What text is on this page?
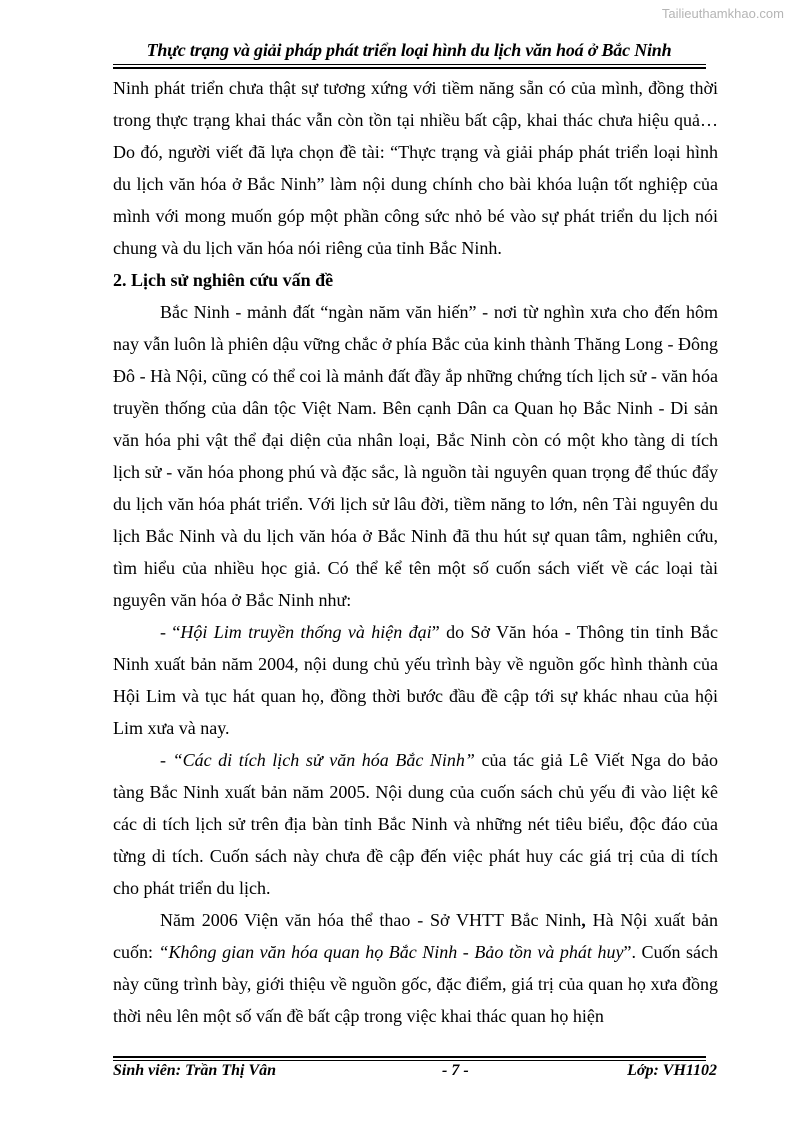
Tailieuthamkhao.com
Thực trạng và giải pháp phát triển loại hình du lịch văn hoá ở Bắc Ninh

Ninh phát triển chưa thật sự tương xứng với tiềm năng sẵn có của mình, đồng thời trong thực trạng khai thác vẫn còn tồn tại nhiều bất cập, khai thác chưa hiệu quả… Do đó, người viết đã lựa chọn đề tài: “Thực trạng và giải pháp phát triển loại hình du lịch văn hóa ở Bắc Ninh” làm nội dung chính cho bài khóa luận tốt nghiệp của mình với mong muốn góp một phần công sức nhỏ bé vào sự phát triển du lịch nói chung và du lịch văn hóa nói riêng của tỉnh Bắc Ninh.

2. Lịch sử nghiên cứu vấn đề

Bắc Ninh - mảnh đất “ngàn năm văn hiến” - nơi từ nghìn xưa cho đến hôm nay vẫn luôn là phiên dậu vững chắc ở phía Bắc của kinh thành Thăng Long - Đông Đô - Hà Nội, cũng có thể coi là mảnh đất đầy ắp những chứng tích lịch sử - văn hóa truyền thống của dân tộc Việt Nam. Bên cạnh Dân ca Quan họ Bắc Ninh - Di sản văn hóa phi vật thể đại diện của nhân loại, Bắc Ninh còn có một kho tàng di tích lịch sử - văn hóa phong phú và đặc sắc, là nguồn tài nguyên quan trọng để thúc đẩy du lịch văn hóa phát triển. Với lịch sử lâu đời, tiềm năng to lớn, nên Tài nguyên du lịch Bắc Ninh và du lịch văn hóa ở Bắc Ninh đã thu hút sự quan tâm, nghiên cứu, tìm hiểu của nhiều học giả. Có thể kể tên một số cuốn sách viết về các loại tài nguyên văn hóa ở Bắc Ninh như:

- “Hội Lim truyền thống và hiện đại” do Sở Văn hóa - Thông tin tỉnh Bắc Ninh xuất bản năm 2004, nội dung chủ yếu trình bày về nguồn gốc hình thành của Hội Lim và tục hát quan họ, đồng thời bước đầu đề cập tới sự khác nhau của hội Lim xưa và nay.

- “Các di tích lịch sử văn hóa Bắc Ninh” của tác giả Lê Viết Nga do bảo tàng Bắc Ninh xuất bản năm 2005. Nội dung của cuốn sách chủ yếu đi vào liệt kê các di tích lịch sử trên địa bàn tỉnh Bắc Ninh và những nét tiêu biểu, độc đáo của từng di tích. Cuốn sách này chưa đề cập đến việc phát huy các giá trị của di tích cho phát triển du lịch.

Năm 2006 Viện văn hóa thể thao - Sở VHTT Bắc Ninh, Hà Nội xuất bản cuốn: “Không gian văn hóa quan họ Bắc Ninh - Bảo tồn và phát huy”. Cuốn sách này cũng trình bày, giới thiệu về nguồn gốc, đặc điểm, giá trị của quan họ xưa đồng thời nêu lên một số vấn đề bất cập trong việc khai thác quan họ hiện

Sinh viên: Trần Thị Vân	- 7 -	Lớp: VH1102
